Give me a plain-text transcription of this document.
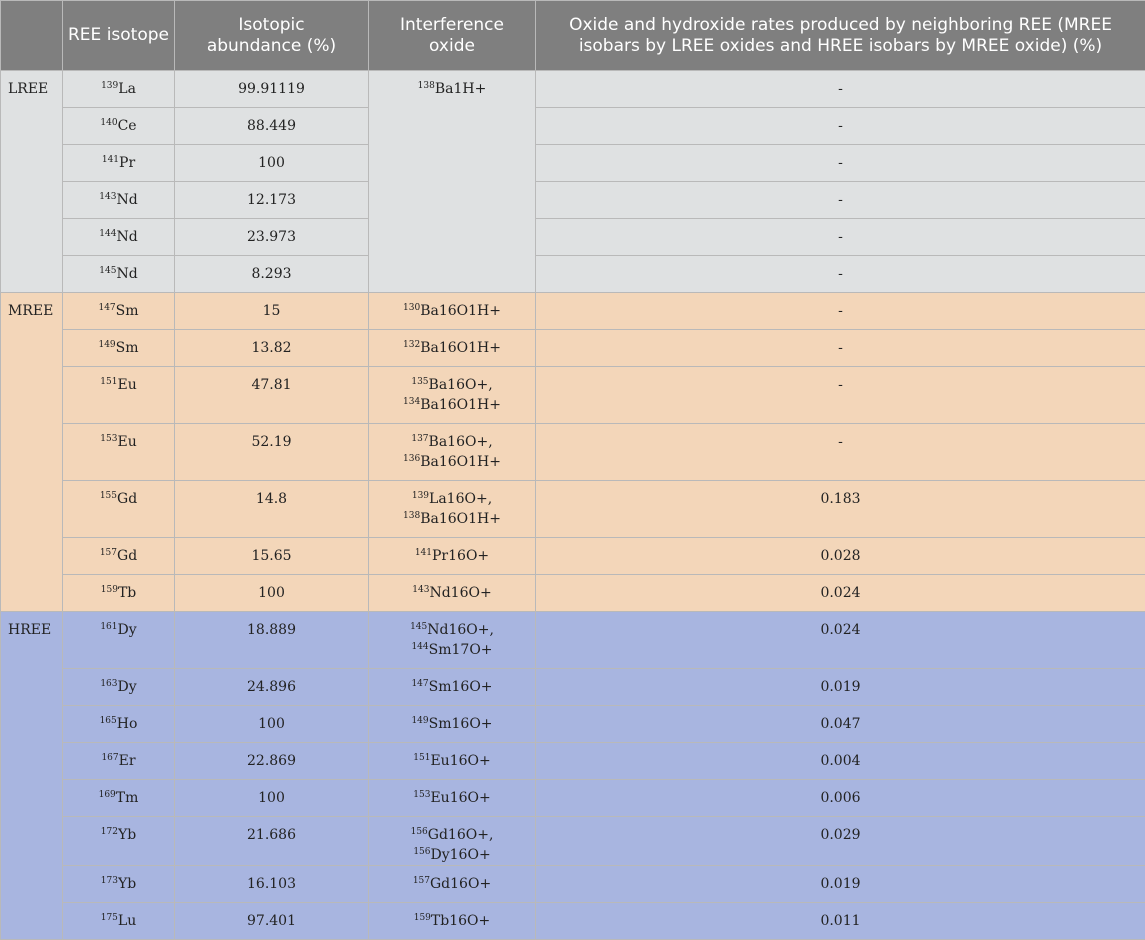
	REE isotope	Isotopic abundance (%)	Interference oxide	Oxide and hydroxide rates produced by neighboring REE (MREE isobars by LREE oxides and HREE isobars by MREE oxide) (%)
LREE	$^{139}$La	99.91119	$^{138}$Ba1H+	-
	$^{140}$Ce	88.449		-
	$^{141}$Pr	100		-
	$^{143}$Nd	12.173		-
	$^{144}$Nd	23.973		-
	$^{145}$Nd	8.293		-
MREE	$^{147}$Sm	15	$^{130}$Ba16O1H+	-
	$^{149}$Sm	13.82	$^{132}$Ba16O1H+	-
	$^{151}$Eu	47.81	$^{135}$Ba16O+,
$^{134}$Ba16O1H+	-
	$^{153}$Eu	52.19	$^{137}$Ba16O+,
$^{136}$Ba16O1H+	-
	$^{155}$Gd	14.8	$^{139}$La16O+,
$^{138}$Ba16O1H+	0.183
	$^{157}$Gd	15.65	$^{141}$Pr16O+	0.028
	$^{159}$Tb	100	$^{143}$Nd16O+	0.024
HREE	$^{161}$Dy	18.889	$^{145}$Nd16O+,
$^{144}$Sm17O+	0.024
	$^{163}$Dy	24.896	$^{147}$Sm16O+	0.019
	$^{165}$Ho	100	$^{149}$Sm16O+	0.047
	$^{167}$Er	22.869	$^{151}$Eu16O+	0.004
	$^{169}$Tm	100	$^{153}$Eu16O+	0.006
	$^{172}$Yb	21.686	$^{156}$Gd16O+, $^{156}$Dy16O+	0.029
	$^{173}$Yb	16.103	$^{157}$Gd16O+	0.019
	$^{175}$Lu	97.401	$^{159}$Tb16O+	0.011
